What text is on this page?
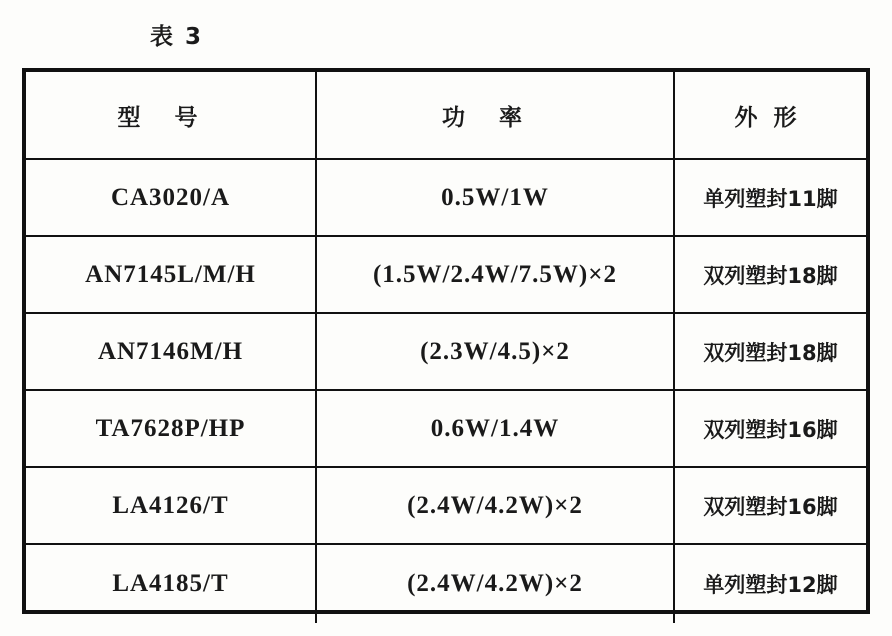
表 3
型号	功率	外形
CA3020/A	0.5W/1W	单列塑封11脚
AN7145L/M/H	(1.5W/2.4W/7.5W)×2	双列塑封18脚
AN7146M/H	(2.3W/4.5)×2	双列塑封18脚
TA7628P/HP	0.6W/1.4W	双列塑封16脚
LA4126/T	(2.4W/4.2W)×2	双列塑封16脚
LA4185/T	(2.4W/4.2W)×2	单列塑封12脚
